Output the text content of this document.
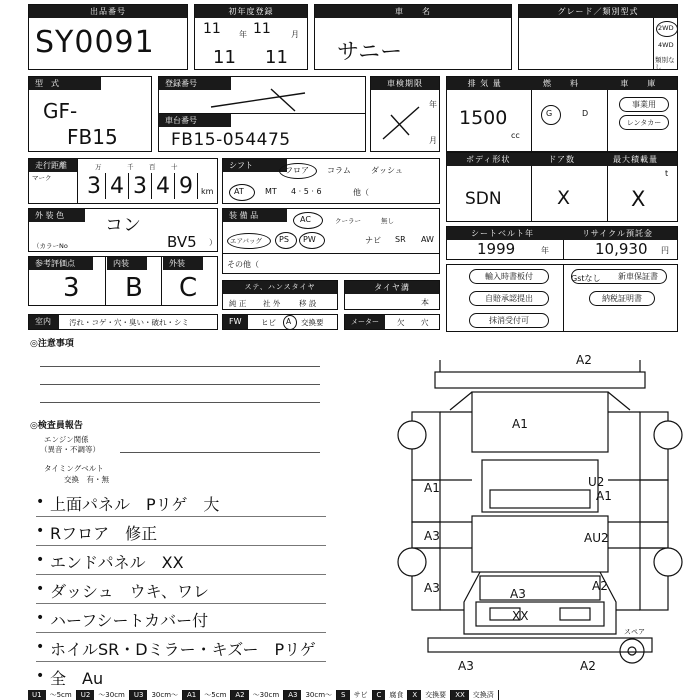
出品番号
SY0091
初年度登録
11 年 11	月
11 11
車　　名
サニー
グレード／類別型式
2WD
4WD
類別なし
型　式
GF-
FB15
登録番号
車台番号
FB15-054475
車検期限
年
月
排 気 量	燃　　料	車　　庫
1500
cc
G	D
事業用
レンタカー
走行距離
マーク
万	千 百 十
3 4 3 4 9	km
シフト
フロア コラム	ダッシュ
AT	MT 4 · 5 · 6	他（
ボディ形状	ドア数	最大積載量
SDN	X
t
X
外 装 色	コン
（カラーNo	BV5 ）
装 備 品	AC	クーラー	無し
エアバッグ PS PW	ナビ SR AW
その他（
シートベルト年	リサイクル預託金
1999	年	10,930 円
参考評価点	内装	外装
3 B C	ステ、ハンスタイヤ
純 正 社 外 移 設
タイヤ溝
本
輸入時書板付
自賠承認提出
抹消受付可
新車保証書
Gstなし
納税証明書
室内	汚れ・コゲ・穴・臭い・破れ・シミ	FW	ヒビ A 交換要	メーター	欠 穴
◎注意事項
◎検査員報告
エンジン関係
（異音・不調等）
タイミングベルト
交換　有・無
• 上面パネル　Pリゲ　大
• Rフロア　修正
• エンドパネル　XX
• ダッシュ　ウキ、ワレ
• ハーフシートカバー付
• ホイルSR・Dミラー・キズー　Pリゲ
• 全　Au
A2
A1
A1	U2
A1
A3	AU2
A3	A2
A3
XX
A3	A2
スペア
U1	～5cm	U2	～30cm	U3	30cm～	A1	～5cm	A2	～30cm	A3	30cm～	S	サビ	C	腐食	X	交換要	XX	交換済
